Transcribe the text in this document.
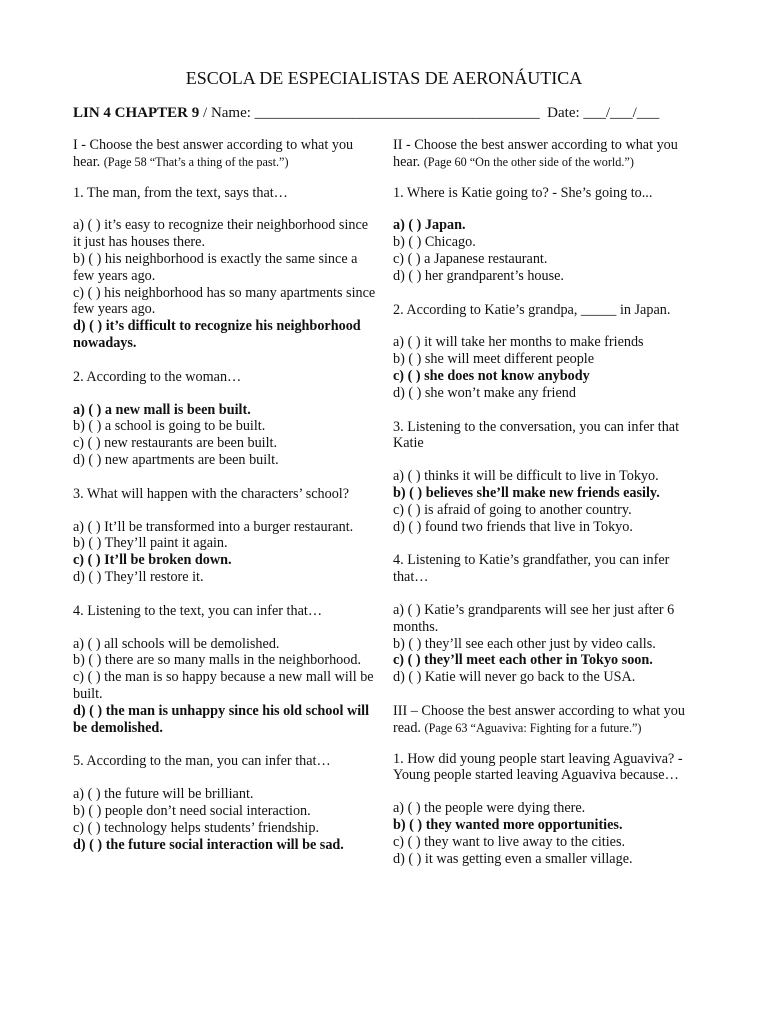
ESCOLA DE ESPECIALISTAS DE AERONÁUTICA
LIN 4 CHAPTER 9 / Name: ______________________________________ Date: ___/___/___
I - Choose the best answer according to what you hear. (Page 58 “That’s a thing of the past.”)
1. The man, from the text, says that…
a) ( ) it’s easy to recognize their neighborhood since it just has houses there.
b) ( ) his neighborhood is exactly the same since a few years ago.
c) ( ) his neighborhood has so many apartments since few years ago.
d) ( ) it’s difficult to recognize his neighborhood nowadays.
2. According to the woman…
a) ( ) a new mall is been built.
b) ( ) a school is going to be built.
c) ( ) new restaurants are been built.
d) ( ) new apartments are been built.
3. What will happen with the characters’ school?
a) ( ) It’ll be transformed into a burger restaurant.
b) ( ) They’ll paint it again.
c) ( ) It’ll be broken down.
d) ( ) They’ll restore it.
4. Listening to the text, you can infer that…
a) ( ) all schools will be demolished.
b) ( ) there are so many malls in the neighborhood.
c) ( ) the man is so happy because a new mall will be built.
d) ( ) the man is unhappy since his old school will be demolished.
5. According to the man, you can infer that…
a) ( ) the future will be brilliant.
b) ( ) people don’t need social interaction.
c) ( ) technology helps students’ friendship.
d) ( ) the future social interaction will be sad.
II - Choose the best answer according to what you hear. (Page 60 “On the other side of the world.”)
1. Where is Katie going to? - She’s going to...
a) ( ) Japan.
b) ( ) Chicago.
c) ( ) a Japanese restaurant.
d) ( ) her grandparent’s house.
2. According to Katie’s grandpa, _____ in Japan.
a) ( ) it will take her months to make friends
b) ( ) she will meet different people
c) ( ) she does not know anybody
d) ( ) she won’t make any friend
3. Listening to the conversation, you can infer that Katie
a) ( ) thinks it will be difficult to live in Tokyo.
b) ( ) believes she’ll make new friends easily.
c) ( ) is afraid of going to another country.
d) ( ) found two friends that live in Tokyo.
4. Listening to Katie’s grandfather, you can infer that…
a) ( ) Katie’s grandparents will see her just after 6 months.
b) ( ) they’ll see each other just by video calls.
c) ( ) they’ll meet each other in Tokyo soon.
d) ( ) Katie will never go back to the USA.
III – Choose the best answer according to what you read. (Page 63 “Aguaviva: Fighting for a future.”)
1. How did young people start leaving Aguaviva? - Young people started leaving Aguaviva because…
a) ( ) the people were dying there.
b) ( ) they wanted more opportunities.
c) ( ) they want to live away to the cities.
d) ( ) it was getting even a smaller village.
